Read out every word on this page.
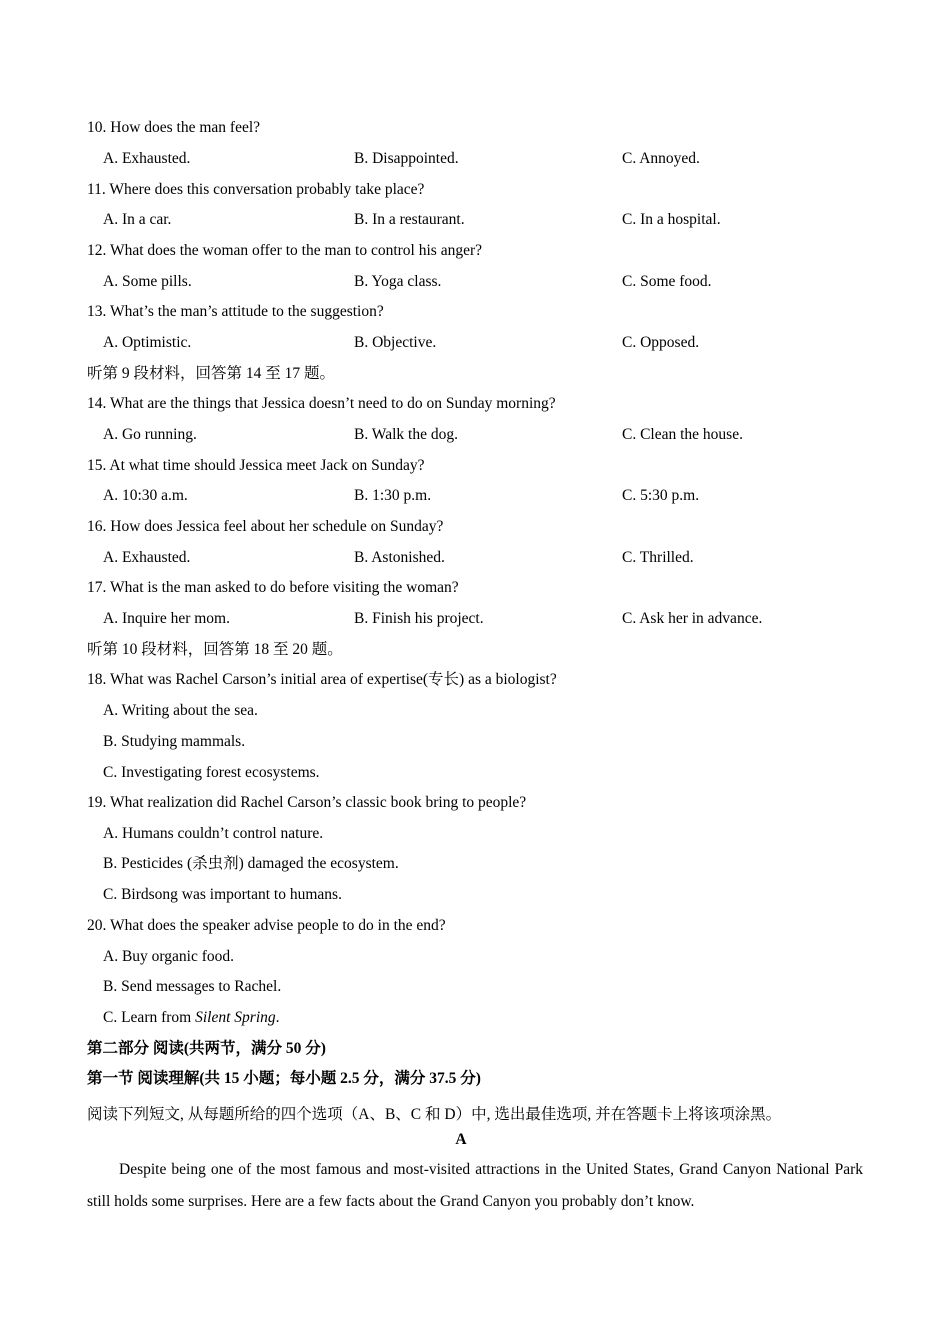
10. How does the man feel?
A. Exhausted.	B. Disappointed.	C. Annoyed.
11. Where does this conversation probably take place?
A. In a car.	B. In a restaurant.	C. In a hospital.
12. What does the woman offer to the man to control his anger?
A. Some pills.	B. Yoga class.	C. Some food.
13. What’s the man’s attitude to the suggestion?
A. Optimistic.	B. Objective.	C. Opposed.
听第 9 段材料，回答第 14 至 17 题。
14. What are the things that Jessica doesn’t need to do on Sunday morning?
A. Go running.	B. Walk the dog.	C. Clean the house.
15. At what time should Jessica meet Jack on Sunday?
A. 10:30 a.m.	B. 1:30 p.m.	C. 5:30 p.m.
16. How does Jessica feel about her schedule on Sunday?
A. Exhausted.	B. Astonished.	C. Thrilled.
17. What is the man asked to do before visiting the woman?
A. Inquire her mom.	B. Finish his project.	C. Ask her in advance.
听第 10 段材料，回答第 18 至 20 题。
18. What was Rachel Carson’s initial area of expertise(专长) as a biologist?
A. Writing about the sea.
B. Studying mammals.
C. Investigating forest ecosystems.
19. What realization did Rachel Carson’s classic book bring to people?
A. Humans couldn’t control nature.
B. Pesticides (杀虫剂) damaged the ecosystem.
C. Birdsong was important to humans.
20. What does the speaker advise people to do in the end?
A. Buy organic food.
B. Send messages to Rachel.
C. Learn from Silent Spring.
第二部分 阅读(共两节，满分 50 分)
第一节 阅读理解(共 15 小题；每小题 2.5 分，满分 37.5 分)
阅读下列短文, 从每题所给的四个选项（A、B、C 和 D）中, 选出最佳选项, 并在答题卡上将该项涂黑。
A
Despite being one of the most famous and most-visited attractions in the United States, Grand Canyon National Park still holds some surprises. Here are a few facts about the Grand Canyon you probably don’t know.
